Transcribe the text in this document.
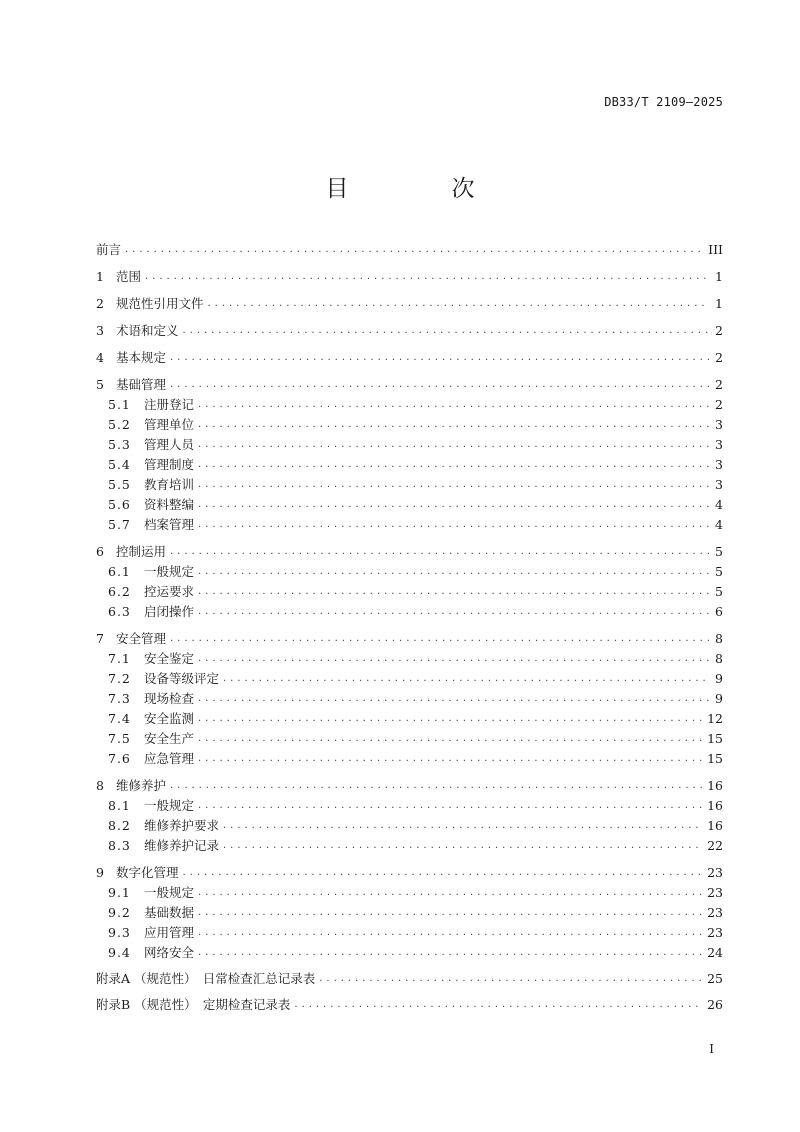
DB33/T 2109—2025
目　次
前言 . . .	III
1 范围 . . .	1
2 规范性引用文件 . . .	1
3 术语和定义 . . .	2
4 基本规定 . . .	2
5 基础管理 . . .	2
5.1	注册登记 . . .	2
5.2	管理单位 . . .	3
5.3	管理人员 . . .	3
5.4	管理制度 . . .	3
5.5	教育培训 . . .	3
5.6	资料整编 . . .	4
5.7	档案管理 . . .	4
6 控制运用 . . .	5
6.1	一般规定 . . .	5
6.2	控运要求 . . .	5
6.3	启闭操作 . . .	6
7 安全管理 . . .	8
7.1	安全鉴定 . . .	8
7.2	设备等级评定 . . .	9
7.3	现场检查 . . .	9
7.4	安全监测 . . .	12
7.5	安全生产 . . .	15
7.6	应急管理 . . .	15
8 维修养护 . . .	16
8.1	一般规定 . . .	16
8.2	维修养护要求 . . .	16
8.3	维修养护记录 . . .	22
9 数字化管理 . . .	23
9.1	一般规定 . . .	23
9.2	基础数据 . . .	23
9.3	应用管理 . . .	23
9.4	网络安全 . . .	24
附录A （规范性）　日常检查汇总记录表 . . .	25
附录B （规范性）　定期检查记录表 . . .	26
I
